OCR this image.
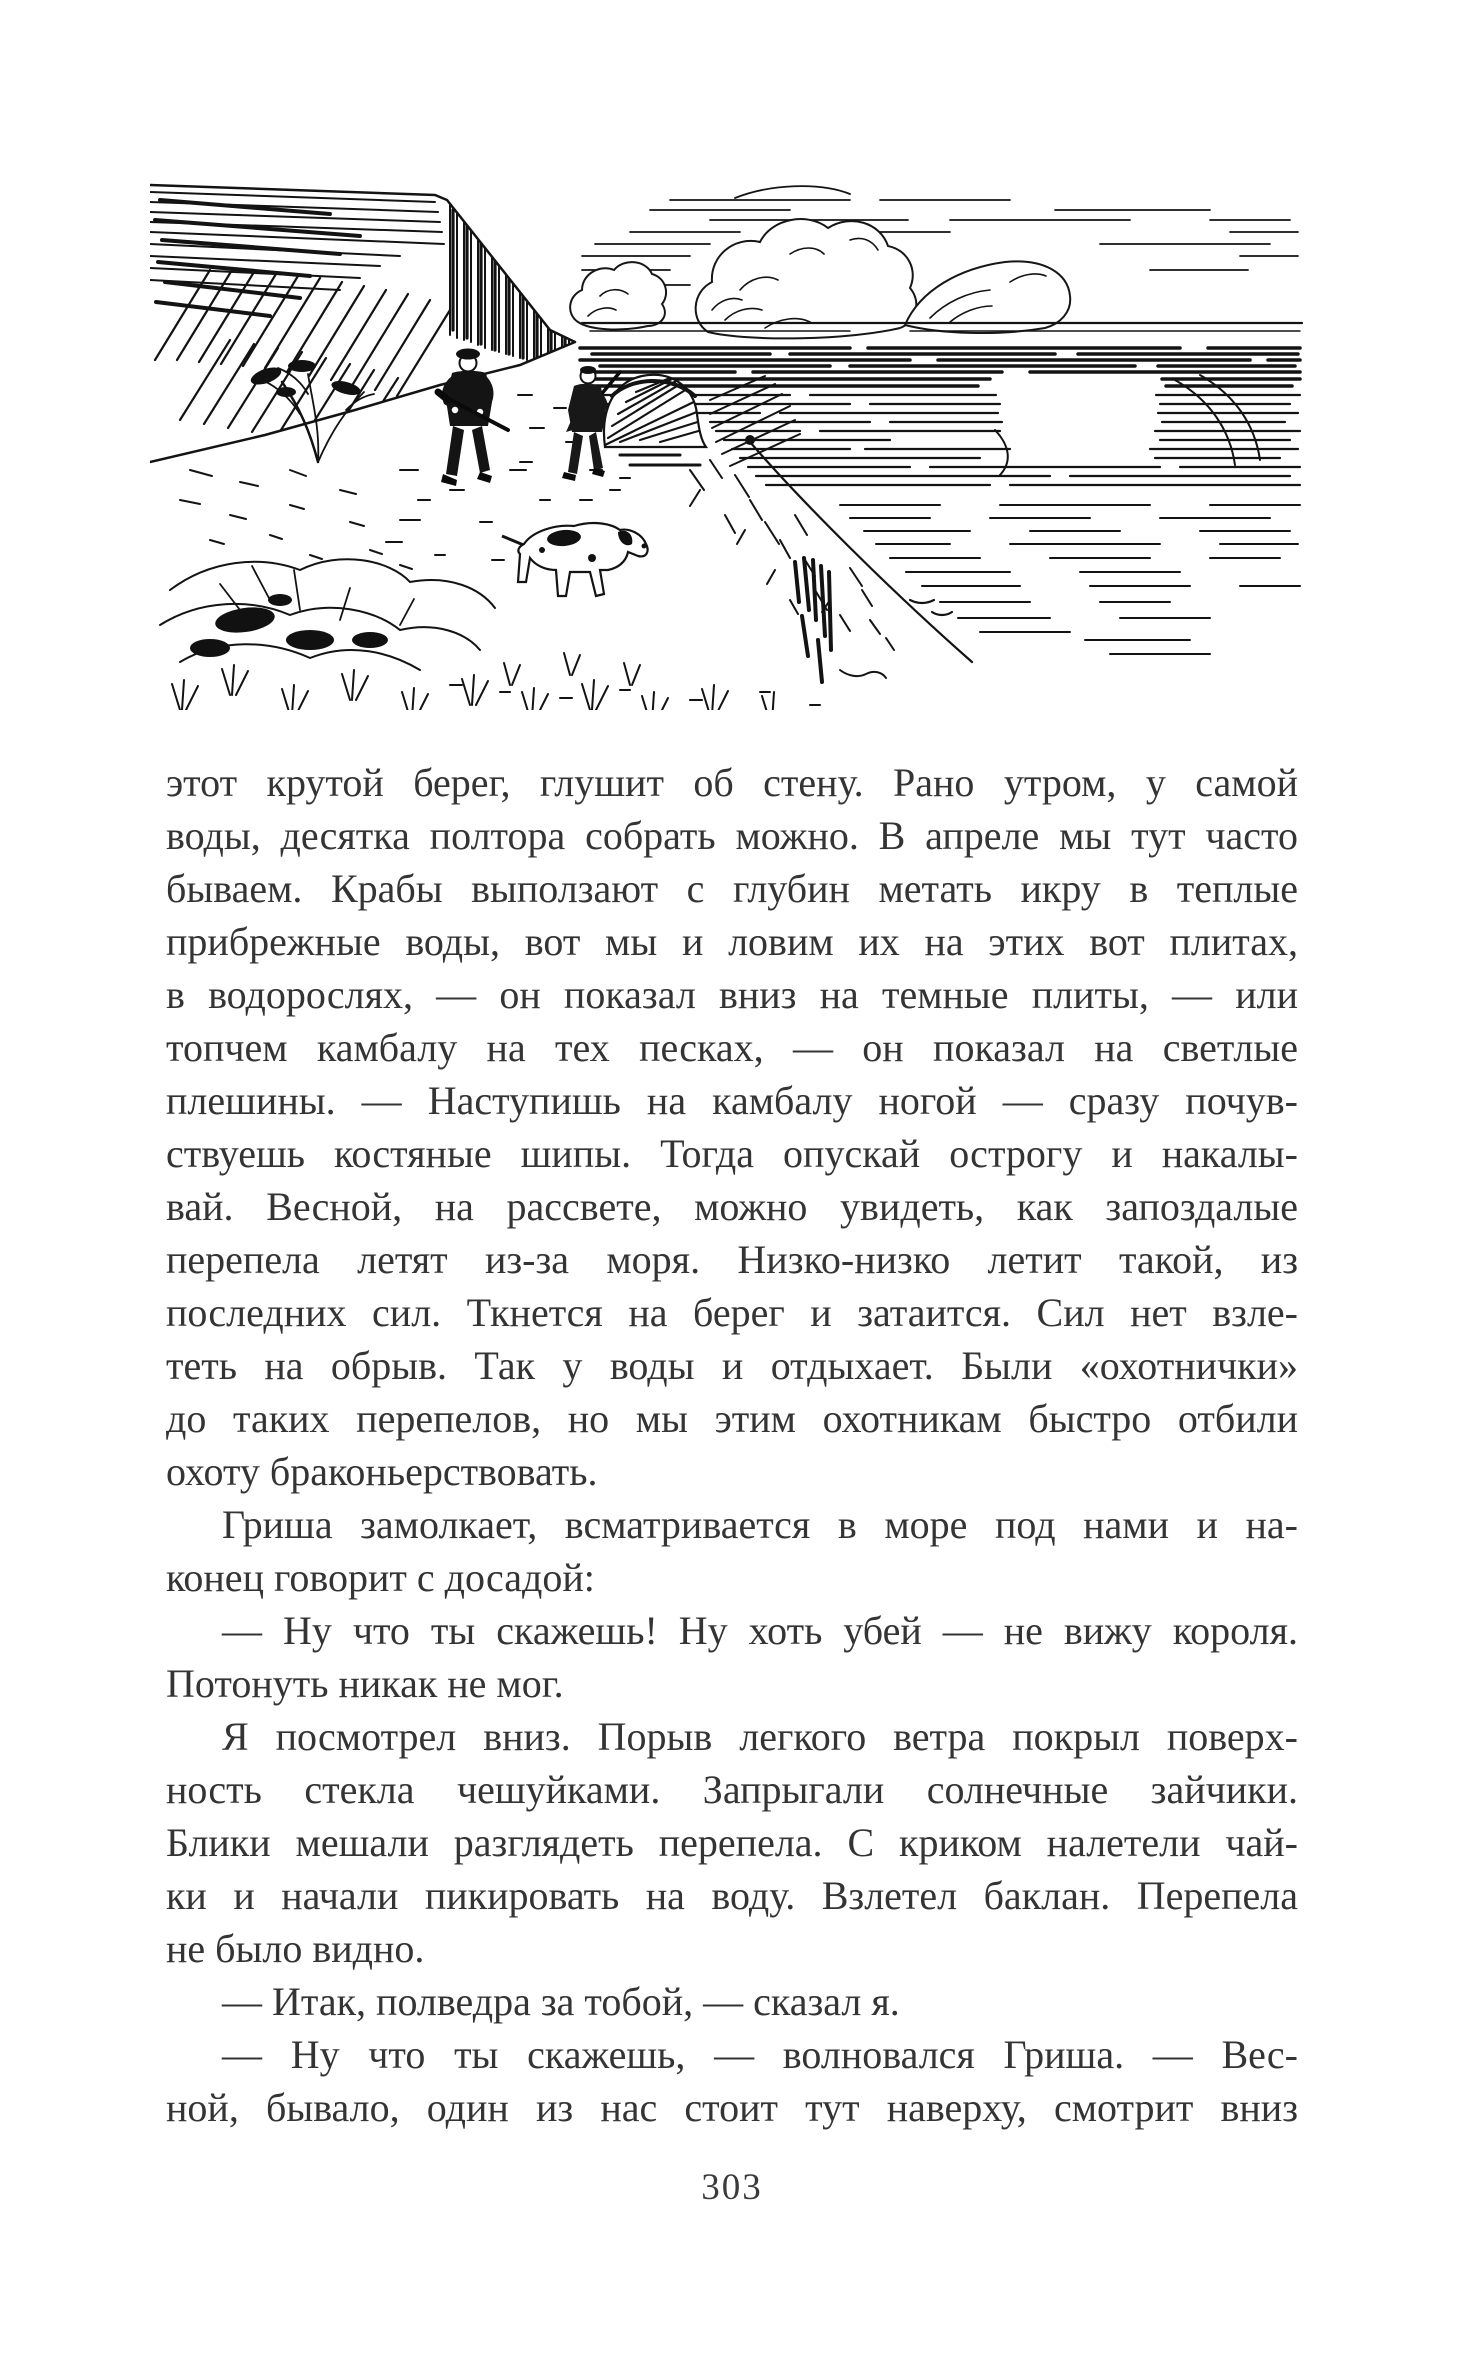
этот крутой берег, глушит об стену. Рано утром, у самой
воды, десятка полтора собрать можно. В апреле мы тут часто
бываем. Крабы выползают с глубин метать икру в теплые
прибрежные воды, вот мы и ловим их на этих вот плитах,
в водорослях, — он показал вниз на темные плиты, — или
топчем камбалу на тех песках, — он показал на светлые
плешины. — Наступишь на камбалу ногой — сразу почув-
ствуешь костяные шипы. Тогда опускай острогу и накалы-
вай. Весной, на рассвете, можно увидеть, как запоздалые
перепела летят из-за моря. Низко-низко летит такой, из
последних сил. Ткнется на берег и затаится. Сил нет взле-
теть на обрыв. Так у воды и отдыхает. Были «охотнички»
до таких перепелов, но мы этим охотникам быстро отбили
охоту браконьерствовать.
Гриша замолкает, всматривается в море под нами и на-
конец говорит с досадой:
— Ну что ты скажешь! Ну хоть убей — не вижу короля.
Потонуть никак не мог.
Я посмотрел вниз. Порыв легкого ветра покрыл поверх-
ность стекла чешуйками. Запрыгали солнечные зайчики.
Блики мешали разглядеть перепела. С криком налетели чай-
ки и начали пикировать на воду. Взлетел баклан. Перепела
не было видно.
— Итак, полведра за тобой, — сказал я.
— Ну что ты скажешь, — волновался Гриша. — Вес-
ной, бывало, один из нас стоит тут наверху, смотрит вниз
303
